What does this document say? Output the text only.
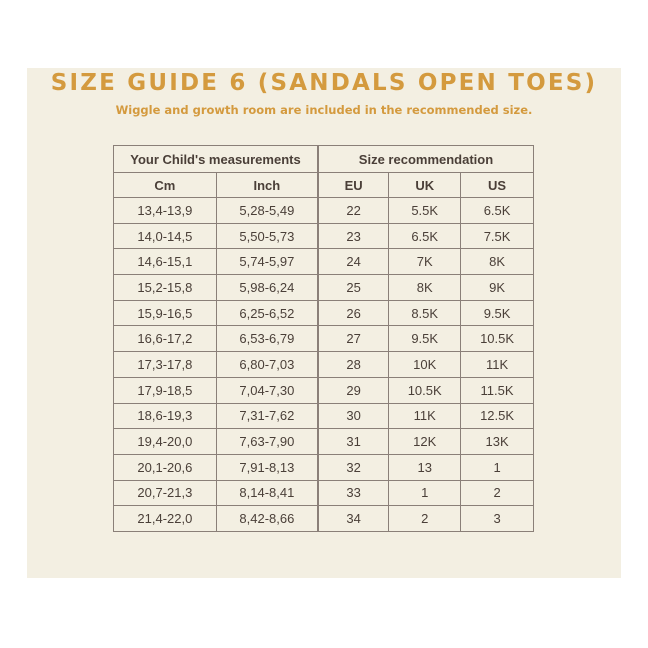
SIZE GUIDE 6 (SANDALS OPEN TOES)
Wiggle and growth room are included in the recommended size.
Your Child's measurements		Size recommendation		
Cm	Inch	EU	UK	US
13,4-13,9	5,28-5,49	22	5.5K	6.5K
14,0-14,5	5,50-5,73	23	6.5K	7.5K
14,6-15,1	5,74-5,97	24	7K	8K
15,2-15,8	5,98-6,24	25	8K	9K
15,9-16,5	6,25-6,52	26	8.5K	9.5K
16,6-17,2	6,53-6,79	27	9.5K	10.5K
17,3-17,8	6,80-7,03	28	10K	11K
17,9-18,5	7,04-7,30	29	10.5K	11.5K
18,6-19,3	7,31-7,62	30	11K	12.5K
19,4-20,0	7,63-7,90	31	12K	13K
20,1-20,6	7,91-8,13	32	13	1
20,7-21,3	8,14-8,41	33	1	2
21,4-22,0	8,42-8,66	34	2	3
